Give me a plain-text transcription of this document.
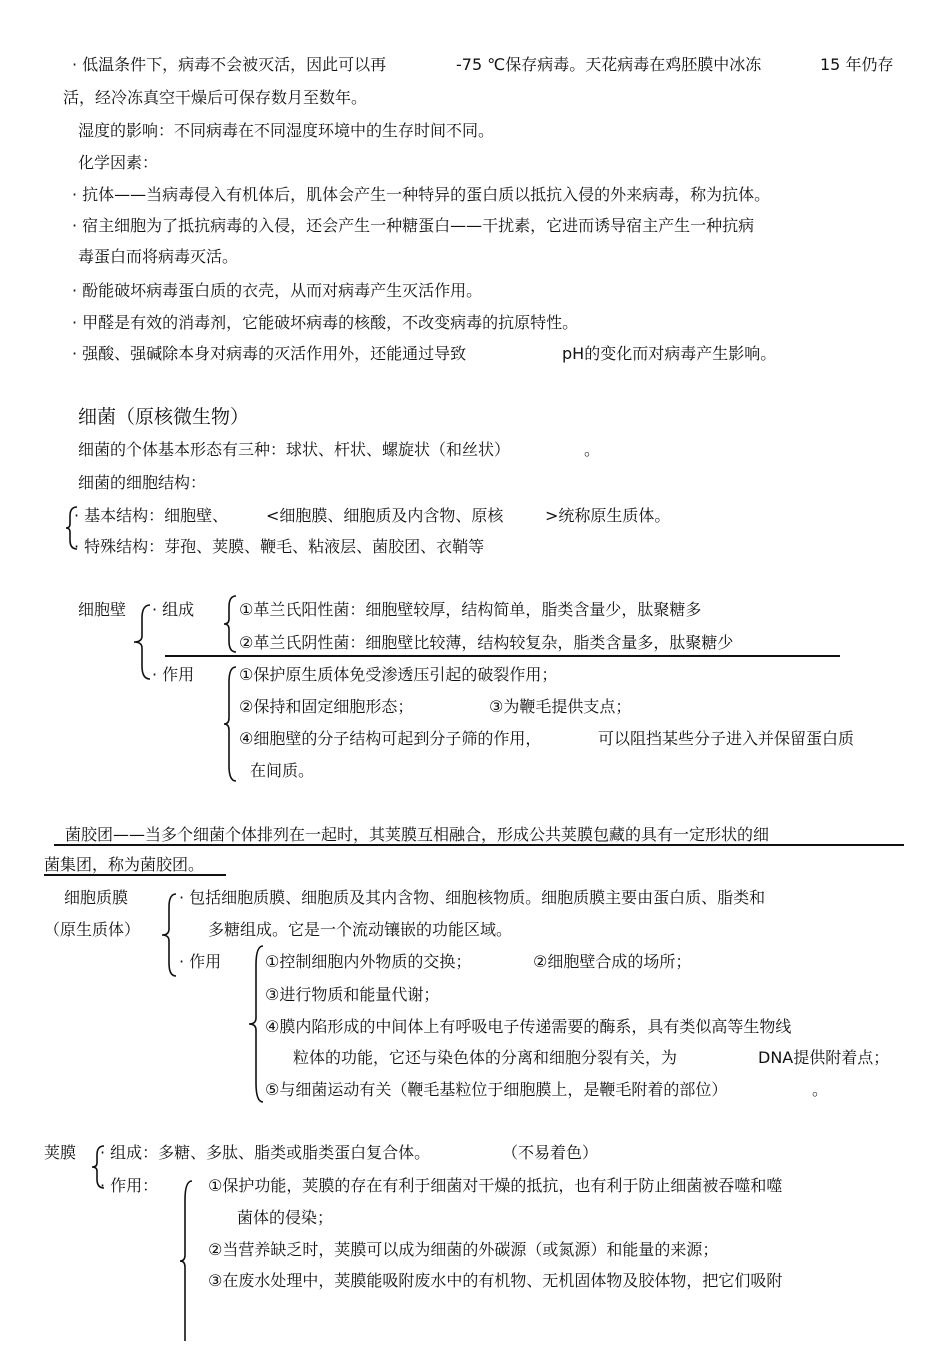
· 低温条件下，病毒不会被灭活，因此可以再	-75 ℃保存病毒。天花病毒在鸡胚膜中冰冻	15 年仍存
活，经冷冻真空干燥后可保存数月至数年。
湿度的影响：不同病毒在不同湿度环境中的生存时间不同。
化学因素：
· 抗体——当病毒侵入有机体后，肌体会产生一种特异的蛋白质以抵抗入侵的外来病毒，称为抗体。
· 宿主细胞为了抵抗病毒的入侵，还会产生一种糖蛋白——干扰素，它进而诱导宿主产生一种抗病
毒蛋白而将病毒灭活。
· 酚能破坏病毒蛋白质的衣壳，从而对病毒产生灭活作用。
· 甲醛是有效的消毒剂，它能破坏病毒的核酸，不改变病毒的抗原特性。
· 强酸、强碱除本身对病毒的灭活作用外，还能通过导致	pH的变化而对病毒产生影响。
细菌（原核微生物）
细菌的个体基本形态有三种：球状、杆状、螺旋状（和丝状）	。
细菌的细胞结构：
· 基本结构：细胞壁、 <细胞膜、细胞质及内含物、原核	>统称原生质体。
· 特殊结构：芽孢、荚膜、鞭毛、粘液层、菌胶团、衣鞘等
细胞壁 · 组成	①革兰氏阳性菌：细胞壁较厚，结构简单，脂类含量少，肽聚糖多
②革兰氏阴性菌：细胞壁比较薄，结构较复杂，脂类含量多，肽聚糖少
· 作用	①保护原生质体免受渗透压引起的破裂作用；
②保持和固定细胞形态；	③为鞭毛提供支点；
④细胞壁的分子结构可起到分子筛的作用，	可以阻挡某些分子进入并保留蛋白质
在间质。
菌胶团——当多个细菌个体排列在一起时，其荚膜互相融合，形成公共荚膜包藏的具有一定形状的细
菌集团，称为菌胶团。
细胞质膜
（原生质体）
· 包括细胞质膜、细胞质及其内含物、细胞核物质。细胞质膜主要由蛋白质、脂类和
多糖组成。它是一个流动镶嵌的功能区域。
· 作用	①控制细胞内外物质的交换；	②细胞壁合成的场所；
③进行物质和能量代谢；
④膜内陷形成的中间体上有呼吸电子传递需要的酶系，具有类似高等生物线
粒体的功能，它还与染色体的分离和细胞分裂有关，为	DNA提供附着点；
⑤与细菌运动有关（鞭毛基粒位于细胞膜上，是鞭毛附着的部位）	。
荚膜 · 组成：多糖、多肽、脂类或脂类蛋白复合体。	（不易着色）
· 作用：	①保护功能，荚膜的存在有利于细菌对干燥的抵抗，也有利于防止细菌被吞噬和噬
菌体的侵染；
②当营养缺乏时，荚膜可以成为细菌的外碳源（或氮源）和能量的来源；
③在废水处理中，荚膜能吸附废水中的有机物、无机固体物及胶体物，把它们吸附
